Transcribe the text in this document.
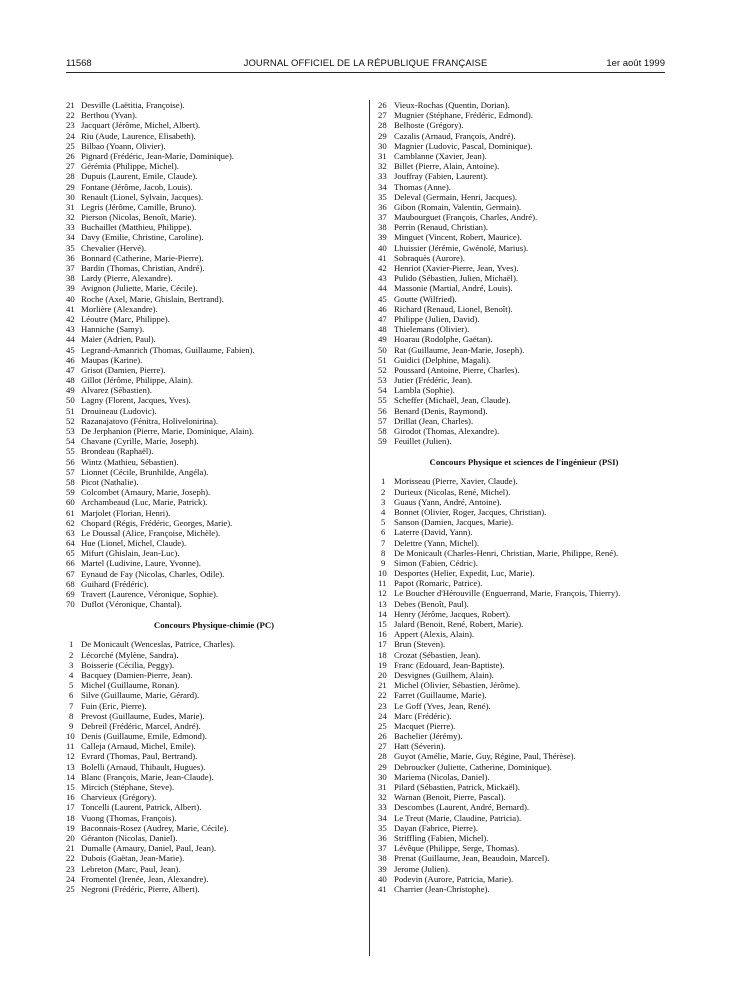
11568	JOURNAL OFFICIEL DE LA RÉPUBLIQUE FRANÇAISE	1er août 1999
21 Desville (Laëtitia, Françoise).
22 Berthou (Yvan).
23 Jacquart (Jérôme, Michel, Albert).
24 Riu (Aude, Laurence, Elisabeth).
25 Bilbao (Yoann, Olivier).
26 Pignard (Frédéric, Jean-Marie, Dominique).
27 Gérémia (Philippe, Michel).
28 Dupuis (Laurent, Emile, Claude).
29 Fontane (Jérôme, Jacob, Louis).
30 Renault (Lionel, Sylvain, Jacques).
31 Legris (Jérôme, Camille, Bruno).
32 Pierson (Nicolas, Benoît, Marie).
33 Buchaillet (Matthieu, Philippe).
34 Davy (Emilie, Christine, Caroline).
35 Chevalier (Hervé).
36 Bonnard (Catherine, Marie-Pierre).
37 Bardin (Thomas, Christian, André).
38 Lardy (Pierre, Alexandre).
39 Avignon (Juliette, Marie, Cécile).
40 Roche (Axel, Marie, Ghislain, Bertrand).
41 Morlière (Alexandre).
42 Léoutre (Marc, Philippe).
43 Hanniche (Samy).
44 Maier (Adrien, Paul).
45 Legrand-Amanrich (Thomas, Guillaume, Fabien).
46 Maupas (Karine).
47 Grisot (Damien, Pierre).
48 Gillot (Jérôme, Philippe, Alain).
49 Alvarez (Sébastien).
50 Lagny (Florent, Jacques, Yves).
51 Drouineau (Ludovic).
52 Razanajatovo (Fénitra, Holivelonirina).
53 De Jerphanion (Pierre, Marie, Dominique, Alain).
54 Chavane (Cyrille, Marie, Joseph).
55 Brondeau (Raphaël).
56 Wintz (Mathieu, Sébastien).
57 Lionnet (Cécile, Brunhilde, Angéla).
58 Picot (Nathalie).
59 Colcombet (Amaury, Marie, Joseph).
60 Archambeaud (Luc, Marie, Patrick).
61 Marjolet (Florian, Henri).
62 Chopard (Régis, Frédéric, Georges, Marie).
63 Le Doussal (Alice, Françoise, Michèle).
64 Hue (Lionel, Michel, Claude).
65 Mifurt (Ghislain, Jean-Luc).
66 Martel (Ludivine, Laure, Yvonne).
67 Eynaud de Fay (Nicolas, Charles, Odile).
68 Guihard (Frédéric).
69 Travert (Laurence, Véronique, Sophie).
70 Duflot (Véronique, Chantal).
Concours Physique-chimie (PC)
1 De Monicault (Wenceslas, Patrice, Charles).
2 Lécorché (Mylène, Sandra).
3 Boisserie (Cécilia, Peggy).
4 Bacquey (Damien-Pierre, Jean).
5 Michel (Guillaume, Ronan).
6 Silve (Guillaume, Marie, Gérard).
7 Fuin (Eric, Pierre).
8 Prevost (Guillaume, Eudes, Marie).
9 Debreil (Frédéric, Marcel, André).
10 Denis (Guillaume, Emile, Edmond).
11 Calleja (Arnaud, Michel, Emile).
12 Evrard (Thomas, Paul, Bertrand).
13 Bolelli (Arnaud, Thibault, Hugues).
14 Blanc (François, Marie, Jean-Claude).
15 Mircich (Stéphane, Steve).
16 Charvieux (Grégory).
17 Toncelli (Laurent, Patrick, Albert).
18 Vuong (Thomas, François).
19 Baconnais-Rosez (Audrey, Marie, Cécile).
20 Géranton (Nicolas, Daniel).
21 Dumalle (Amaury, Daniel, Paul, Jean).
22 Dubois (Gaëtan, Jean-Marie).
23 Lebreton (Marc, Paul, Jean).
24 Fromentel (Irenée, Jean, Alexandre).
25 Negroni (Frédéric, Pierre, Albert).
26 Vieux-Rochas (Quentin, Dorian).
27 Mugnier (Stéphane, Frédéric, Edmond).
28 Belhoste (Grégory).
29 Cazalis (Arnaud, François, André).
30 Magnier (Ludovic, Pascal, Dominique).
31 Camblanne (Xavier, Jean).
32 Billet (Pierre, Alain, Antoine).
33 Jouffray (Fabien, Laurent).
34 Thomas (Anne).
35 Deleval (Germain, Henri, Jacques).
36 Gibon (Romain, Valentin, Germain).
37 Maubourguet (François, Charles, André).
38 Perrin (Renaud, Christian).
39 Minguet (Vincent, Robert, Maurice).
40 Lhuissier (Jérémie, Gwénolé, Marius).
41 Sobraquès (Aurore).
42 Henriot (Xavier-Pierre, Jean, Yves).
43 Pulido (Sébastien, Julien, Michaël).
44 Massonie (Martial, André, Louis).
45 Goutte (Wilfried).
46 Richard (Renaud, Lionel, Benoît).
47 Philippe (Julien, David).
48 Thielemans (Olivier).
49 Hoarau (Rodolphe, Gaëtan).
50 Rat (Guillaume, Jean-Marie, Joseph).
51 Guidici (Delphine, Magali).
52 Poussard (Antoine, Pierre, Charles).
53 Jutier (Frédéric, Jean).
54 Lambla (Sophie).
55 Scheffer (Michaël, Jean, Claude).
56 Benard (Denis, Raymond).
57 Drillat (Jean, Charles).
58 Girodot (Thomas, Alexandre).
59 Feuillet (Julien).
Concours Physique et sciences de l'ingénieur (PSI)
1 Morisseau (Pierre, Xavier, Claude).
2 Durieux (Nicolas, René, Michel).
3 Guaus (Yann, André, Antoine).
4 Bonnet (Olivier, Roger, Jacques, Christian).
5 Sanson (Damien, Jacques, Marie).
6 Laterre (David, Yann).
7 Delettre (Yann, Michel).
8 De Monicault (Charles-Henri, Christian, Marie, Philippe, René).
9 Simon (Fabien, Cédric).
10 Desportes (Helier, Expedit, Luc, Marie).
11 Papot (Romaric, Patrice).
12 Le Boucher d'Hérouville (Enguerrand, Marie, François, Thierry).
13 Debes (Benoît, Paul).
14 Henry (Jérôme, Jacques, Robert).
15 Jalard (Benoit, René, Robert, Marie).
16 Appert (Alexis, Alain).
17 Brun (Steven).
18 Crozat (Sébastien, Jean).
19 Franc (Edouard, Jean-Baptiste).
20 Desvignes (Guilhem, Alain).
21 Michel (Olivier, Sébastien, Jérôme).
22 Farret (Guillaume, Marie).
23 Le Goff (Yves, Jean, René).
24 Marc (Frédéric).
25 Macquet (Pierre).
26 Bachelier (Jérémy).
27 Hatt (Séverin).
28 Guyot (Amélie, Marie, Guy, Régine, Paul, Thérèse).
29 Debroucker (Juliette, Catherine, Dominique).
30 Mariema (Nicolas, Daniel).
31 Pilard (Sébastien, Patrick, Mickaël).
32 Warnan (Benoit, Pierre, Pascal).
33 Descombes (Laurent, André, Bernard).
34 Le Treut (Marie, Claudine, Patricia).
35 Dayan (Fabrice, Pierre).
36 Striffling (Fabien, Michel).
37 Lévêque (Philippe, Serge, Thomas).
38 Prenat (Guillaume, Jean, Beaudoin, Marcel).
39 Jerome (Julien).
40 Podevin (Aurore, Patricia, Marie).
41 Charrier (Jean-Christophe).
